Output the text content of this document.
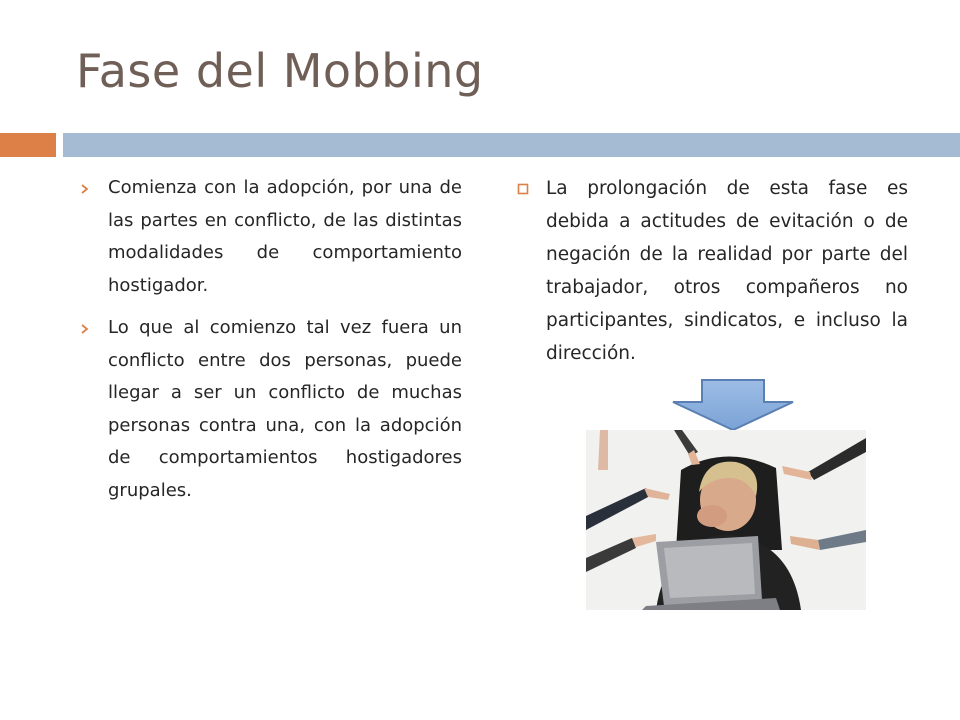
Fase del Mobbing
Comienza con la adopción, por una de las partes en conflicto, de las distintas modalidades de comportamiento hostigador.
Lo que al comienzo tal vez fuera un conflicto entre dos personas, puede llegar a ser un conflicto de muchas personas contra una, con la adopción de comportamientos hostigadores grupales.
La prolongación de esta fase es debida a actitudes de evitación o de negación de la realidad por parte del trabajador, otros compañeros no participantes, sindicatos, e incluso la dirección.
